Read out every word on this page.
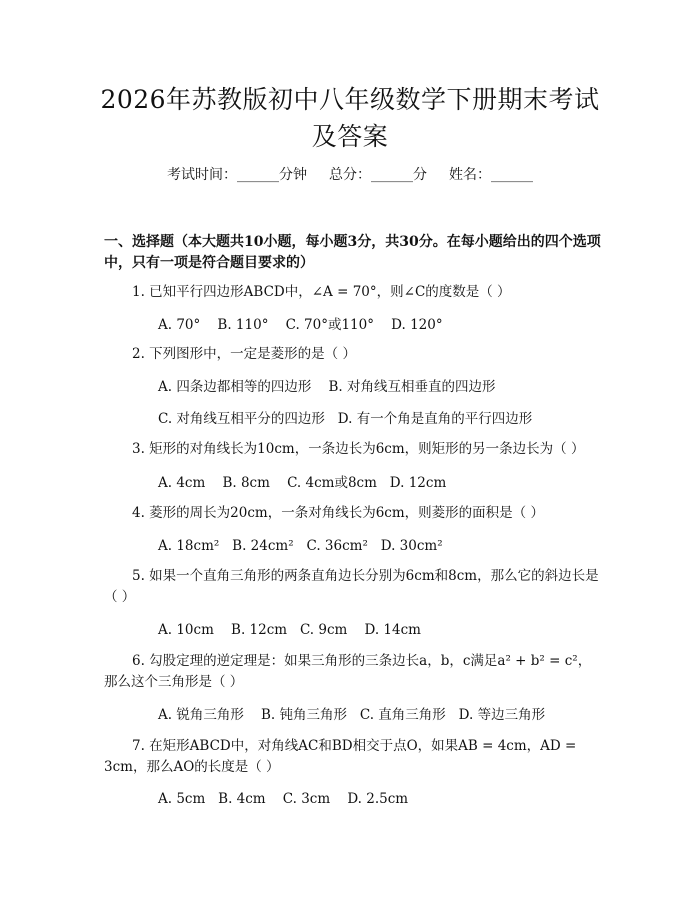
2026年苏教版初中八年级数学下册期末考试
及答案
考试时间：______分钟 总分：______分 姓名：______
一、选择题（本大题共10小题，每小题3分，共30分。在每小题给出的四个选项中，只有一项是符合题目要求的）
1. 已知平行四边形ABCD中，∠A = 70°，则∠C的度数是（ ）
A. 70°    B. 110°    C. 70°或110°    D. 120°
2. 下列图形中，一定是菱形的是（ ）
A. 四条边都相等的四边形    B. 对角线互相垂直的四边形
C. 对角线互相平分的四边形   D. 有一个角是直角的平行四边形
3. 矩形的对角线长为10cm，一条边长为6cm，则矩形的另一条边长为（ ）
A. 4cm    B. 8cm    C. 4cm或8cm   D. 12cm
4. 菱形的周长为20cm，一条对角线长为6cm，则菱形的面积是（ ）
A. 18cm²   B. 24cm²   C. 36cm²   D. 30cm²
5. 如果一个直角三角形的两条直角边长分别为6cm和8cm，那么它的斜边长是（ ）
A. 10cm    B. 12cm   C. 9cm    D. 14cm
6. 勾股定理的逆定理是：如果三角形的三条边长a，b，c满足a² + b² = c²，那么这个三角形是（ ）
A. 锐角三角形    B. 钝角三角形   C. 直角三角形   D. 等边三角形
7. 在矩形ABCD中，对角线AC和BD相交于点O，如果AB = 4cm，AD = 3cm，那么AO的长度是（ ）
A. 5cm   B. 4cm    C. 3cm    D. 2.5cm
